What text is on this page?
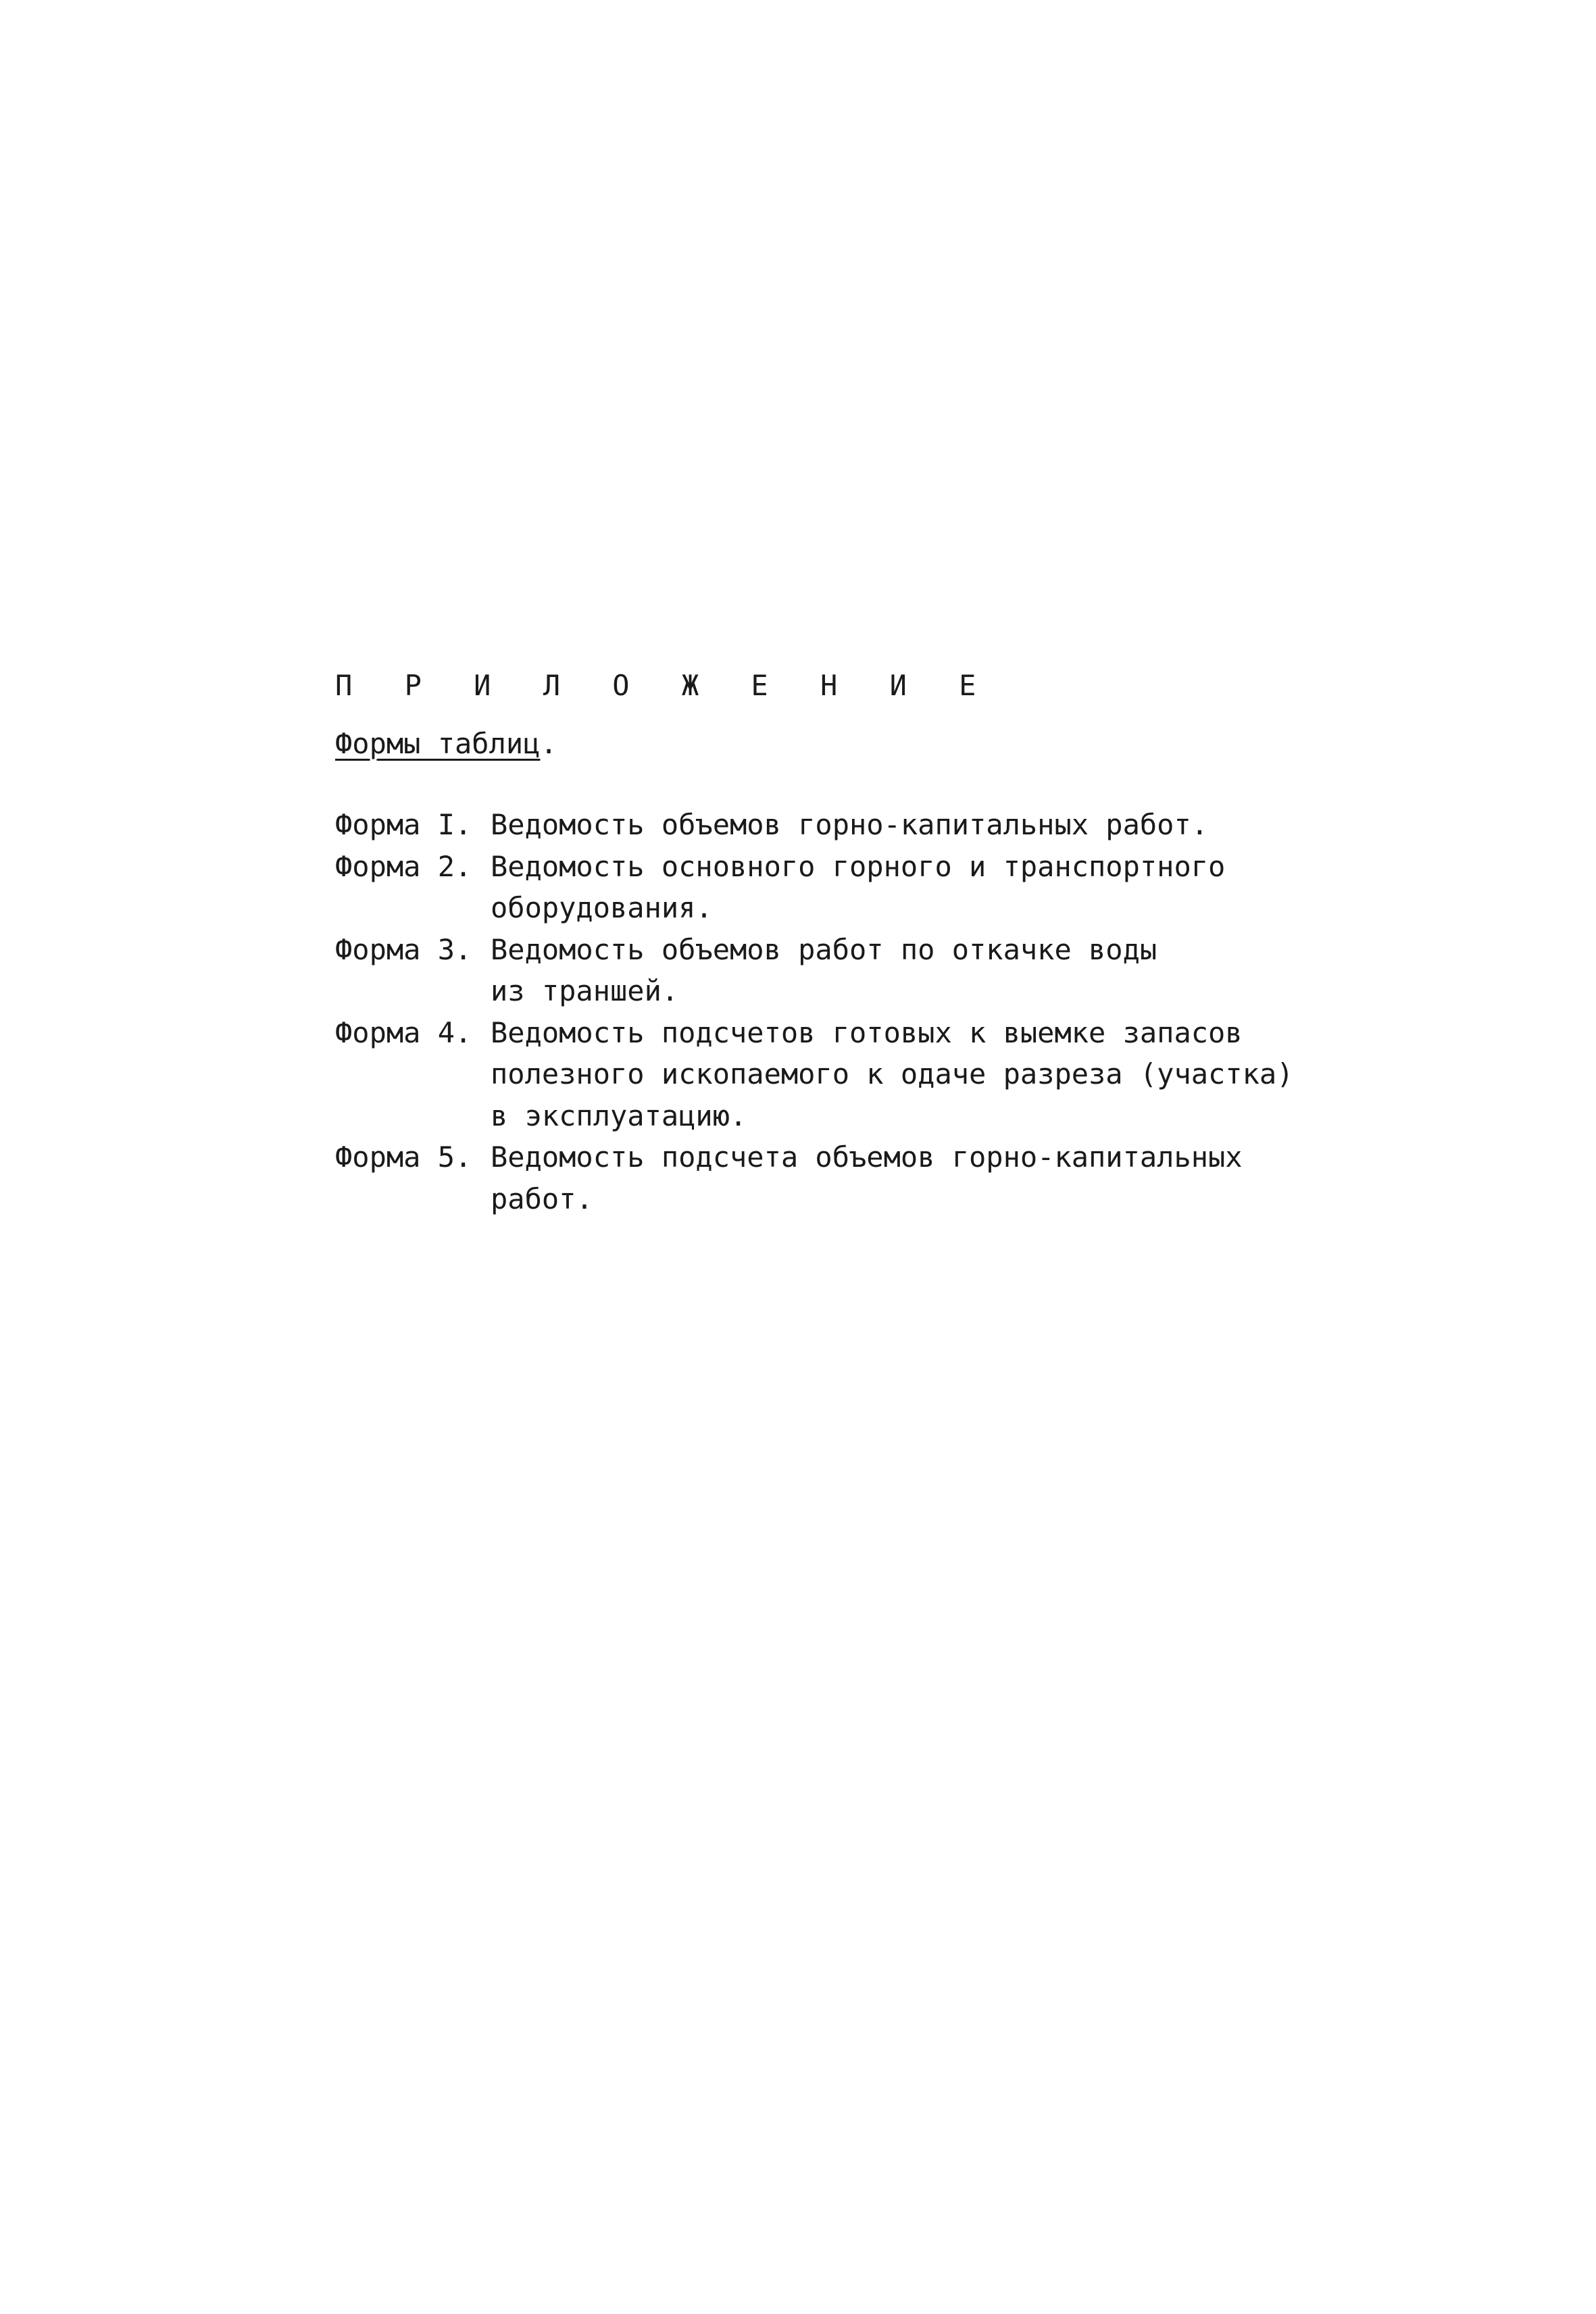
П Р И Л О Ж Е Н И Е
Формы таблиц.
Форма I. Ведомость объемов горно-капитальных работ.
Форма 2. Ведомость основного горного и транспортного
оборудования.
Форма 3. Ведомость объемов работ по откачке воды
из траншей.
Форма 4. Ведомость подсчетов готовых к выемке запасов
полезного ископаемого к одаче разреза (участка)
в эксплуатацию.
Форма 5. Ведомость подсчета объемов горно-капитальных
работ.
